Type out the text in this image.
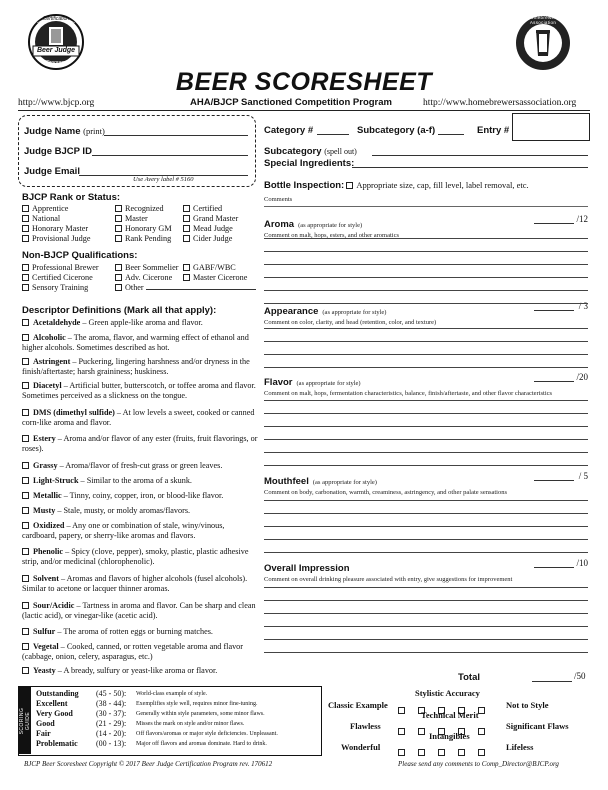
Certification
Beer Judge
Program
Homebrewers Association
BEER SCORESHEET
http://www.bjcp.org	AHA/BJCP Sanctioned Competition Program	http://www.homebrewersassociation.org
Judge Name (print)
Judge BJCP ID
Judge Email
Use Avery label # 5160
BJCP Rank or Status:
Apprentice	Recognized	Certified
National	Master	Grand Master
Honorary Master	Honorary GM	Mead Judge
Provisional Judge	Rank Pending	Cider Judge
Non-BJCP Qualifications:
Professional Brewer	Beer Sommelier	GABF/WBC
Certified Cicerone	Adv. Cicerone	Master Cicerone
Sensory Training	Other
Descriptor Definitions (Mark all that apply):
Acetaldehyde – Green apple-like aroma and flavor.
Alcoholic – The aroma, flavor, and warming effect of ethanol and higher alcohols. Sometimes described as hot.
Astringent – Puckering, lingering harshness and/or dryness in the finish/aftertaste; harsh graininess; huskiness.
Diacetyl – Artificial butter, butterscotch, or toffee aroma and flavor. Sometimes perceived as a slickness on the tongue.
DMS (dimethyl sulfide) – At low levels a sweet, cooked or canned corn-like aroma and flavor.
Estery – Aroma and/or flavor of any ester (fruits, fruit flavorings, or roses).
Grassy – Aroma/flavor of fresh-cut grass or green leaves.
Light-Struck – Similar to the aroma of a skunk.
Metallic – Tinny, coiny, copper, iron, or blood-like flavor.
Musty – Stale, musty, or moldy aromas/flavors.
Oxidized – Any one or combination of stale, winy/vinous, cardboard, papery, or sherry-like aromas and flavors.
Phenolic – Spicy (clove, pepper), smoky, plastic, plastic adhesive strip, and/or medicinal (chlorophenolic).
Solvent – Aromas and flavors of higher alcohols (fusel alcohols). Similar to acetone or lacquer thinner aromas.
Sour/Acidic – Tartness in aroma and flavor. Can be sharp and clean (lactic acid), or vinegar-like (acetic acid).
Sulfur – The aroma of rotten eggs or burning matches.
Vegetal – Cooked, canned, or rotten vegetable aroma and flavor (cabbage, onion, celery, asparagus, etc.)
Yeasty – A bready, sulfury or yeast-like aroma or flavor.
Category #	Subcategory (a-f)	Entry #
Subcategory (spell out)
Special Ingredients:
Bottle Inspection: Appropriate size, cap, fill level, label removal, etc.
Comments
Aroma (as appropriate for style)
/12
Comment on malt, hops, esters, and other aromatics
Appearance (as appropriate for style)
/ 3
Comment on color, clarity, and head (retention, color, and texture)
Flavor (as appropriate for style)
/20
Comment on malt, hops, fermentation characteristics, balance, finish/aftertaste, and other flavor characteristics
Mouthfeel (as appropriate for style)
/ 5
Comment on body, carbonation, warmth, creaminess, astringency, and other palate sensations
Overall Impression	/10
Comment on overall drinking pleasure associated with entry, give suggestions for improvement
Total	/50
SCORING GUIDE
Outstanding	(45 - 50):	World-class example of style.
Excellent	(38 - 44):	Exemplifies style well, requires minor fine-tuning.
Very Good	(30 - 37):	Generally within style parameters, some minor flaws.
Good	(21 - 29):	Misses the mark on style and/or minor flaws.
Fair	(14 - 20):	Off flavors/aromas or major style deficiencies. Unpleasant.
Problematic	(00 - 13):	Major off flavors and aromas dominate. Hard to drink.
Stylistic Accuracy
Classic Example	Not to Style
Technical Merit
Flawless	Significant Flaws
Intangibles
Wonderful	Lifeless
BJCP Beer Scoresheet Copyright © 2017 Beer Judge Certification Program rev. 170612	Please send any comments to Comp_Director@BJCP.org
